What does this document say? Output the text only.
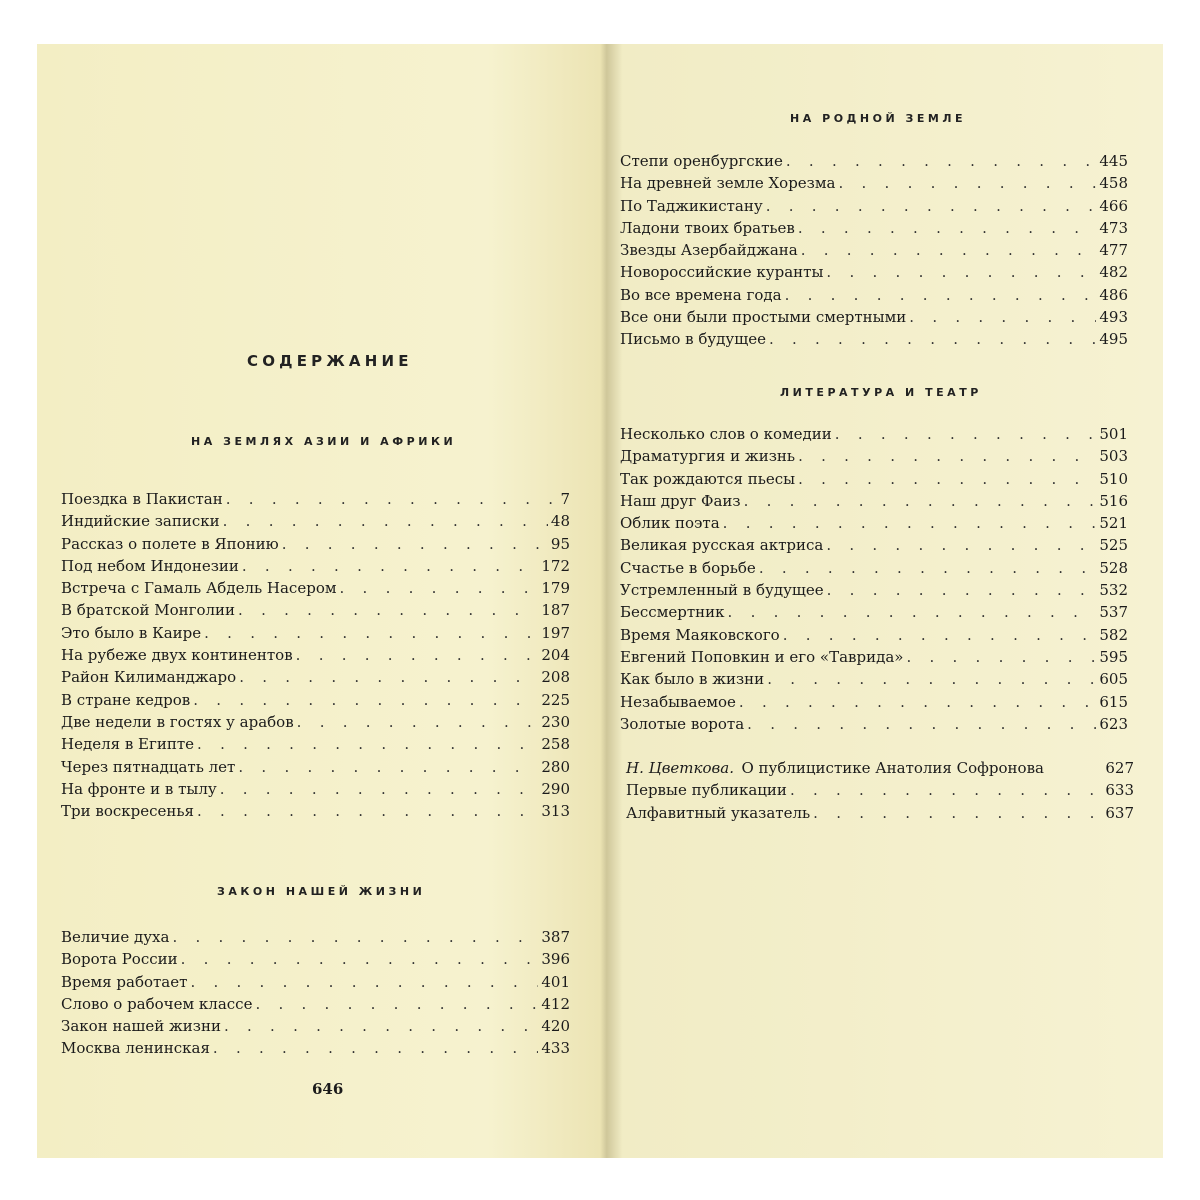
СОДЕРЖАНИЕ
НА ЗЕМЛЯХ АЗИИ И АФРИКИ
Поездка в Пакистан . . .	7
Индийские записки . . .	48
Рассказ о полете в Японию . . .	95
Под небом Индонезии . . .	172
Встреча с Гамаль Абдель Насером . . .	179
В братской Монголии . . .	187
Это было в Каире . . .	197
На рубеже двух континентов . . .	204
Район Килиманджаро . . .	208
В стране кедров . . .	225
Две недели в гостях у арабов . . .	230
Неделя в Египте . . .	258
Через пятнадцать лет . . .	280
На фронте и в тылу . . .	290
Три воскресенья . . .	313
ЗАКОН НАШЕЙ ЖИЗНИ
Величие духа . . .	387
Ворота России . . .	396
Время работает . . .	401
Слово о рабочем классе . . .	412
Закон нашей жизни . . .	420
Москва ленинская . . .	433
646
НА РОДНОЙ ЗЕМЛЕ
Степи оренбургские . . .	445
На древней земле Хорезма . . .	458
По Таджикистану . . .	466
Ладони твоих братьев . . .	473
Звезды Азербайджана . . .	477
Новороссийские куранты . . .	482
Во все времена года . . .	486
Все они были простыми смертными . . .	493
Письмо в будущее . . .	495
ЛИТЕРАТУРА И ТЕАТР
Несколько слов о комедии . . .	501
Драматургия и жизнь . . .	503
Так рождаются пьесы . . .	510
Наш друг Фаиз . . .	516
Облик поэта . . .	521
Великая русская актриса . . .	525
Счастье в борьбе . . .	528
Устремленный в будущее . . .	532
Бессмертник . . .	537
Время Маяковского . . .	582
Евгений Поповкин и его «Таврида» . . .	595
Как было в жизни . . .	605
Незабываемое . . .	615
Золотые ворота . . .	623
Н. Цветкова. О публицистике Анатолия Софронова	627
Первые публикации . . .	633
Алфавитный указатель . . .	637
